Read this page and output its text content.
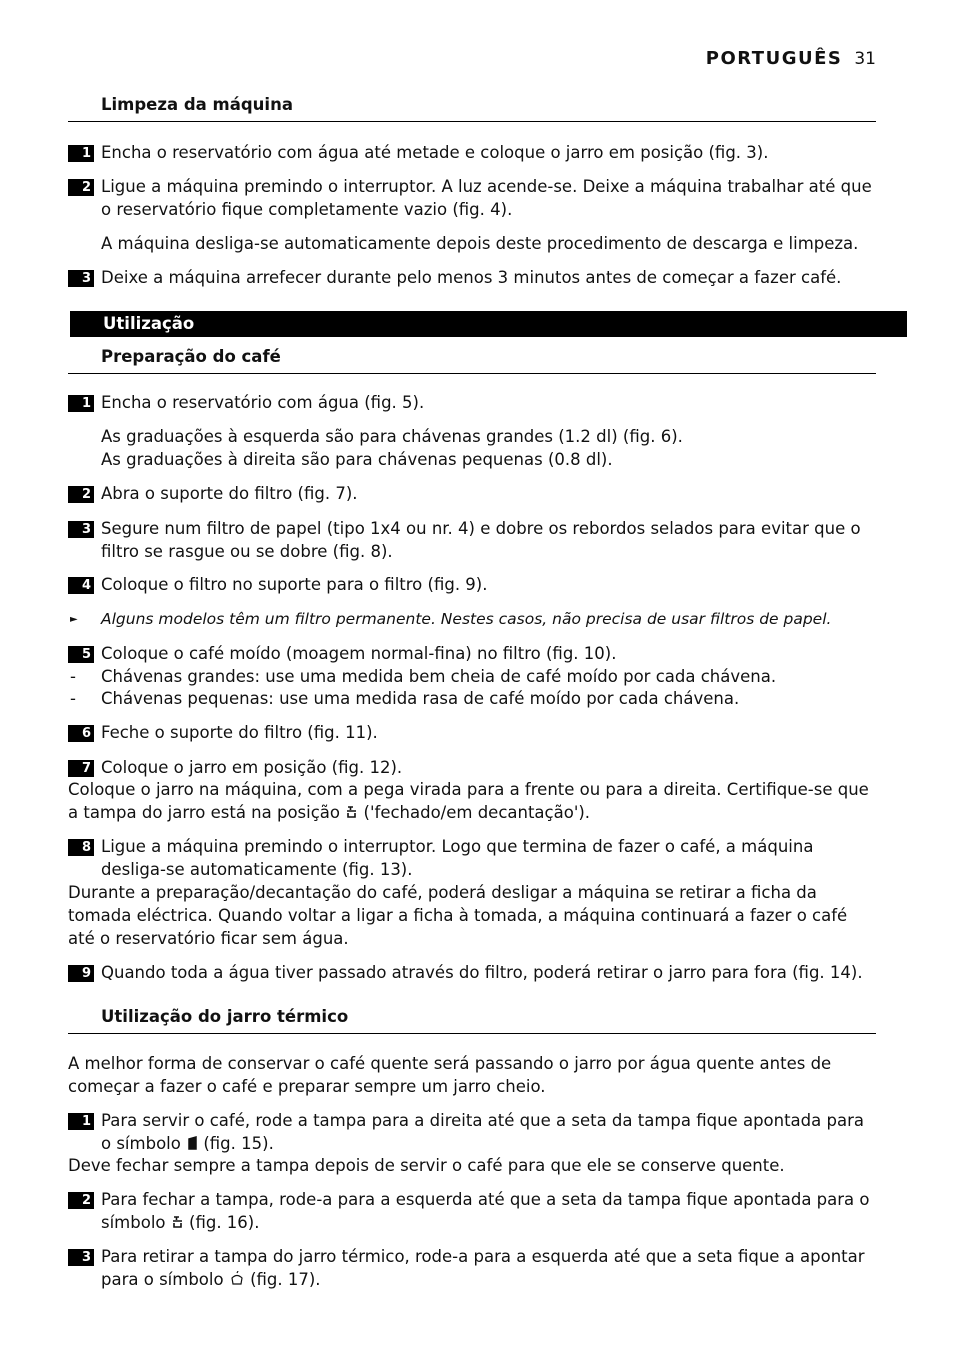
PORTUGUÊS 31
Limpeza da máquina
1 Encha o reservatório com água até metade e coloque o jarro em posição (fig. 3).
2 Ligue a máquina premindo o interruptor. A luz acende-se. Deixe a máquina trabalhar até que o reservatório fique completamente vazio (fig. 4).
A máquina desliga-se automaticamente depois deste procedimento de descarga e limpeza.
3 Deixe a máquina arrefecer durante pelo menos 3 minutos antes de começar a fazer café.
Utilização
Preparação do café
1 Encha o reservatório com água (fig. 5).
As graduações à esquerda são para chávenas grandes (1.2 dl) (fig. 6).
As graduações à direita são para chávenas pequenas (0.8 dl).
2 Abra o suporte do filtro (fig. 7).
3 Segure num filtro de papel (tipo 1x4 ou nr. 4) e dobre os rebordos selados para evitar que o filtro se rasgue ou se dobre (fig. 8).
4 Coloque o filtro no suporte para o filtro (fig. 9).
► Alguns modelos têm um filtro permanente. Nestes casos, não precisa de usar filtros de papel.
5 Coloque o café moído (moagem normal-fina) no filtro (fig. 10).
- Chávenas grandes: use uma medida bem cheia de café moído por cada chávena.
- Chávenas pequenas: use uma medida rasa de café moído por cada chávena.
6 Feche o suporte do filtro (fig. 11).
7 Coloque o jarro em posição (fig. 12).
Coloque o jarro na máquina, com a pega virada para a frente ou para a direita. Certifique-se que a tampa do jarro está na posição ('fechado/em decantação').
8 Ligue a máquina premindo o interruptor. Logo que termina de fazer o café, a máquina desliga-se automaticamente (fig. 13).
Durante a preparação/decantação do café, poderá desligar a máquina se retirar a ficha da tomada eléctrica. Quando voltar a ligar a ficha à tomada, a máquina continuará a fazer o café até o reservatório ficar sem água.
9 Quando toda a água tiver passado através do filtro, poderá retirar o jarro para fora (fig. 14).
Utilização do jarro térmico
A melhor forma de conservar o café quente será passando o jarro por água quente antes de começar a fazer o café e preparar sempre um jarro cheio.
1 Para servir o café, rode a tampa para a direita até que a seta da tampa fique apontada para o símbolo (fig. 15).
Deve fechar sempre a tampa depois de servir o café para que ele se conserve quente.
2 Para fechar a tampa, rode-a para a esquerda até que a seta da tampa fique apontada para o símbolo (fig. 16).
3 Para retirar a tampa do jarro térmico, rode-a para a esquerda até que a seta fique a apontar para o símbolo (fig. 17).
